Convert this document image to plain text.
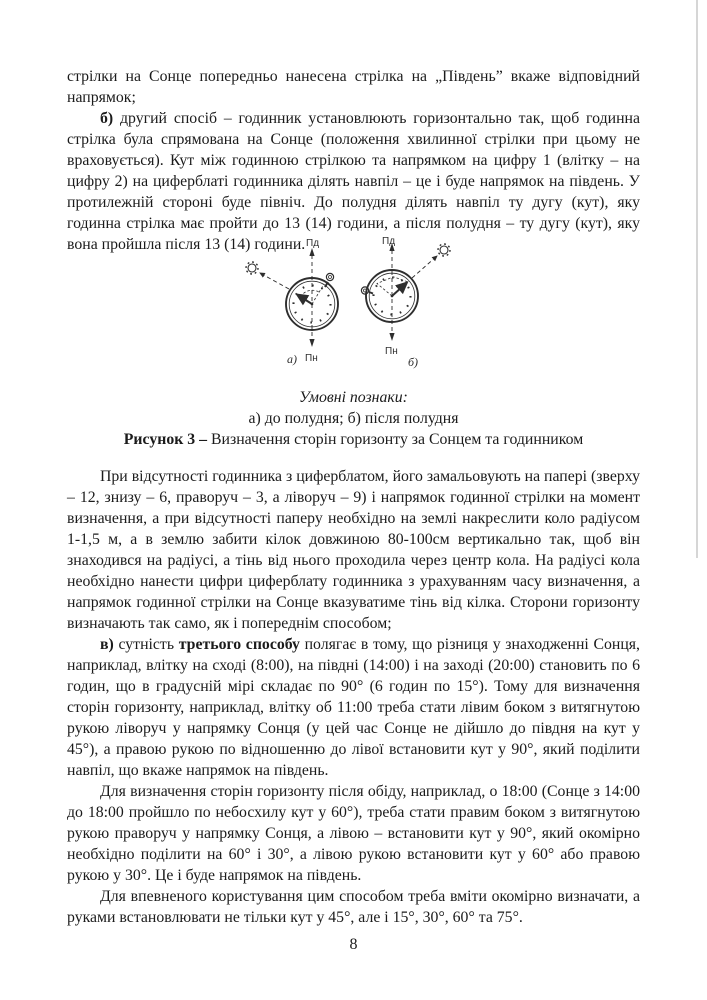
стрілки на Сонце попередньо нанесена стрілка на „Південь” вкаже відповідний напрямок;

б) другий спосіб – годинник установлюють горизонтально так, щоб годинна стрілка була спрямована на Сонце (положення хвилинної стрілки при цьому не враховується). Кут між годинною стрілкою та напрямком на цифру 1 (влітку – на цифру 2) на циферблаті годинника ділять навпіл – це і буде напрямок на південь. У протилежній стороні буде північ. До полудня ділять навпіл ту дугу (кут), яку годинна стрілка має пройти до 13 (14) години, а після полудня – ту дугу (кут), яку вона пройшла після 13 (14) години. Пд
Пн
а)
Пд
Пн
б)
Умовні познаки:
а) до полудня; б) після полудня
Рисунок 3 – Визначення сторін горизонту за Сонцем та годинником

При відсутності годинника з циферблатом, його замальовують на папері (зверху – 12, знизу – 6, праворуч – 3, а ліворуч – 9) і напрямок годинної стрілки на момент визначення, а при відсутності паперу необхідно на землі накреслити коло радіусом 1-1,5 м, а в землю забити кілок довжиною 80-100см вертикально так, щоб він знаходився на радіусі, а тінь від нього проходила через центр кола. На радіусі кола необхідно нанести цифри циферблату годинника з урахуванням часу визначення, а напрямок годинної стрілки на Сонце вказуватиме тінь від кілка. Сторони горизонту визначають так само, як і попереднім способом;

в) сутність третього способу полягає в тому, що різниця у знаходженні Сонця, наприклад, влітку на сході (8:00), на півдні (14:00) і на заході (20:00) становить по 6 годин, що в градусній мірі складає по 90° (6 годин по 15°). Тому для визначення сторін горизонту, наприклад, влітку об 11:00 треба стати лівим боком з витягнутою рукою ліворуч у напрямку Сонця (у цей час Сонце не дійшло до півдня на кут у 45°), а правою рукою по відношенню до лівої встановити кут у 90°, який поділити навпіл, що вкаже напрямок на південь.

Для визначення сторін горизонту після обіду, наприклад, о 18:00 (Сонце з 14:00 до 18:00 пройшло по небосхилу кут у 60°), треба стати правим боком з витягнутою рукою праворуч у напрямку Сонця, а лівою – встановити кут у 90°, який окомірно необхідно поділити на 60° і 30°, а лівою рукою встановити кут у 60° або правою рукою у 30°. Це і буде напрямок на південь.

Для впевненого користування цим способом треба вміти окомірно визначати, а руками встановлювати не тільки кут у 45°, але і 15°, 30°, 60° та 75°.

8
